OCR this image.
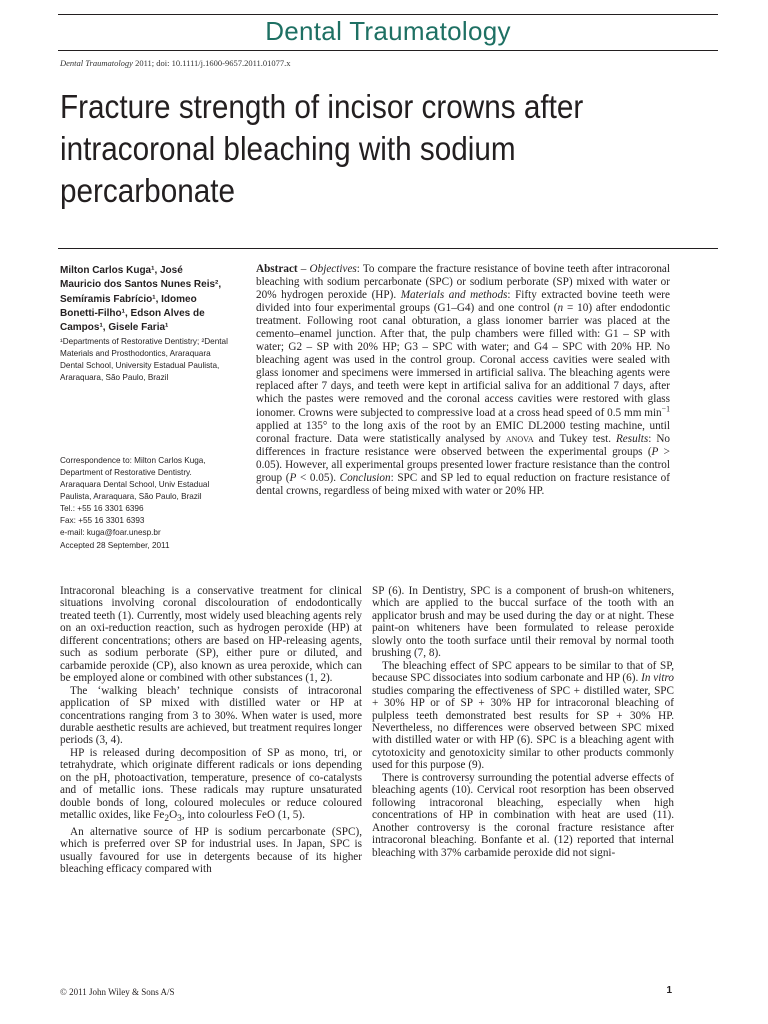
Dental Traumatology
Dental Traumatology 2011; doi: 10.1111/j.1600-9657.2011.01077.x
Fracture strength of incisor crowns after intracoronal bleaching with sodium percarbonate
Milton Carlos Kuga¹, José
Mauricio dos Santos Nunes Reis²,
Semíramis Fabrício¹, Idomeo
Bonetti-Filho¹, Edson Alves de
Campos¹, Gisele Faria¹
¹Departments of Restorative Dentistry; ²Dental
Materials and Prosthodontics, Araraquara
Dental School, University Estadual Paulista,
Araraquara, São Paulo, Brazil
Correspondence to: Milton Carlos Kuga,
Department of Restorative Dentistry.
Araraquara Dental School, Univ Estadual
Paulista, Araraquara, São Paulo, Brazil
Tel.: +55 16 3301 6396
Fax: +55 16 3301 6393
e-mail: kuga@foar.unesp.br
Accepted 28 September, 2011

Abstract – Objectives: To compare the fracture resistance of bovine teeth after intracoronal bleaching with sodium percarbonate (SPC) or sodium perborate (SP) mixed with water or 20% hydrogen peroxide (HP). Materials and methods: Fifty extracted bovine teeth were divided into four experimental groups (G1–G4) and one control (n = 10) after endodontic treatment. Following root canal obturation, a glass ionomer barrier was placed at the cemento–enamel junction. After that, the pulp chambers were filled with: G1 – SP with water; G2 – SP with 20% HP; G3 – SPC with water; and G4 – SPC with 20% HP. No bleaching agent was used in the control group. Coronal access cavities were sealed with glass ionomer and specimens were immersed in artificial saliva. The bleaching agents were replaced after 7 days, and teeth were kept in artificial saliva for an additional 7 days, after which the pastes were removed and the coronal access cavities were restored with glass ionomer. Crowns were subjected to compressive load at a cross head speed of 0.5 mm $\min^{-1}$ applied at 135° to the long axis of the root by an EMIC DL2000 testing machine, until coronal fracture. Data were statistically analysed by anova and Tukey test. Results: No differences in fracture resistance were observed between the experimental groups (P > 0.05). However, all experimental groups presented lower fracture resistance than the control group (P < 0.05). Conclusion: SPC and SP led to equal reduction on fracture resistance of dental crowns, regardless of being mixed with water or 20% HP.

Intracoronal bleaching is a conservative treatment for clinical situations involving coronal discolouration of endodontically treated teeth (1). Currently, most widely used bleaching agents rely on an oxi-reduction reaction, such as hydrogen peroxide (HP) at different concentrations; others are based on HP-releasing agents, such as sodium perborate (SP), either pure or diluted, and carbamide peroxide (CP), also known as urea peroxide, which can be employed alone or combined with other substances (1, 2).

The ‘walking bleach’ technique consists of intracoronal application of SP mixed with distilled water or HP at concentrations ranging from 3 to 30%. When water is used, more durable aesthetic results are achieved, but treatment requires longer periods (3, 4).

HP is released during decomposition of SP as mono, tri, or tetrahydrate, which originate different radicals or ions depending on the pH, photoactivation, temperature, presence of co-catalysts and of metallic ions. These radicals may rupture unsaturated double bonds of long, coloured molecules or reduce coloured metallic oxides, like $Fe_2O_3$, into colourless FeO (1, 5).

An alternative source of HP is sodium percarbonate (SPC), which is preferred over SP for industrial uses. In Japan, SPC is usually favoured for use in detergents because of its higher bleaching efficacy compared with

SP (6). In Dentistry, SPC is a component of brush-on whiteners, which are applied to the buccal surface of the tooth with an applicator brush and may be used during the day or at night. These paint-on whiteners have been formulated to release peroxide slowly onto the tooth surface until their removal by normal tooth brushing (7, 8).

The bleaching effect of SPC appears to be similar to that of SP, because SPC dissociates into sodium carbonate and HP (6). In vitro studies comparing the effectiveness of SPC + distilled water, SPC + 30% HP or of SP + 30% HP for intracoronal bleaching of pulpless teeth demonstrated best results for SP + 30% HP. Nevertheless, no differences were observed between SPC mixed with distilled water or with HP (6). SPC is a bleaching agent with cytotoxicity and genotoxicity similar to other products commonly used for this purpose (9).

There is controversy surrounding the potential adverse effects of bleaching agents (10). Cervical root resorption has been observed following intracoronal bleaching, especially when high concentrations of HP in combination with heat are used (11). Another controversy is the coronal fracture resistance after intracoronal bleaching. Bonfante et al. (12) reported that internal bleaching with 37% carbamide peroxide did not signi-

© 2011 John Wiley & Sons A/S	1
